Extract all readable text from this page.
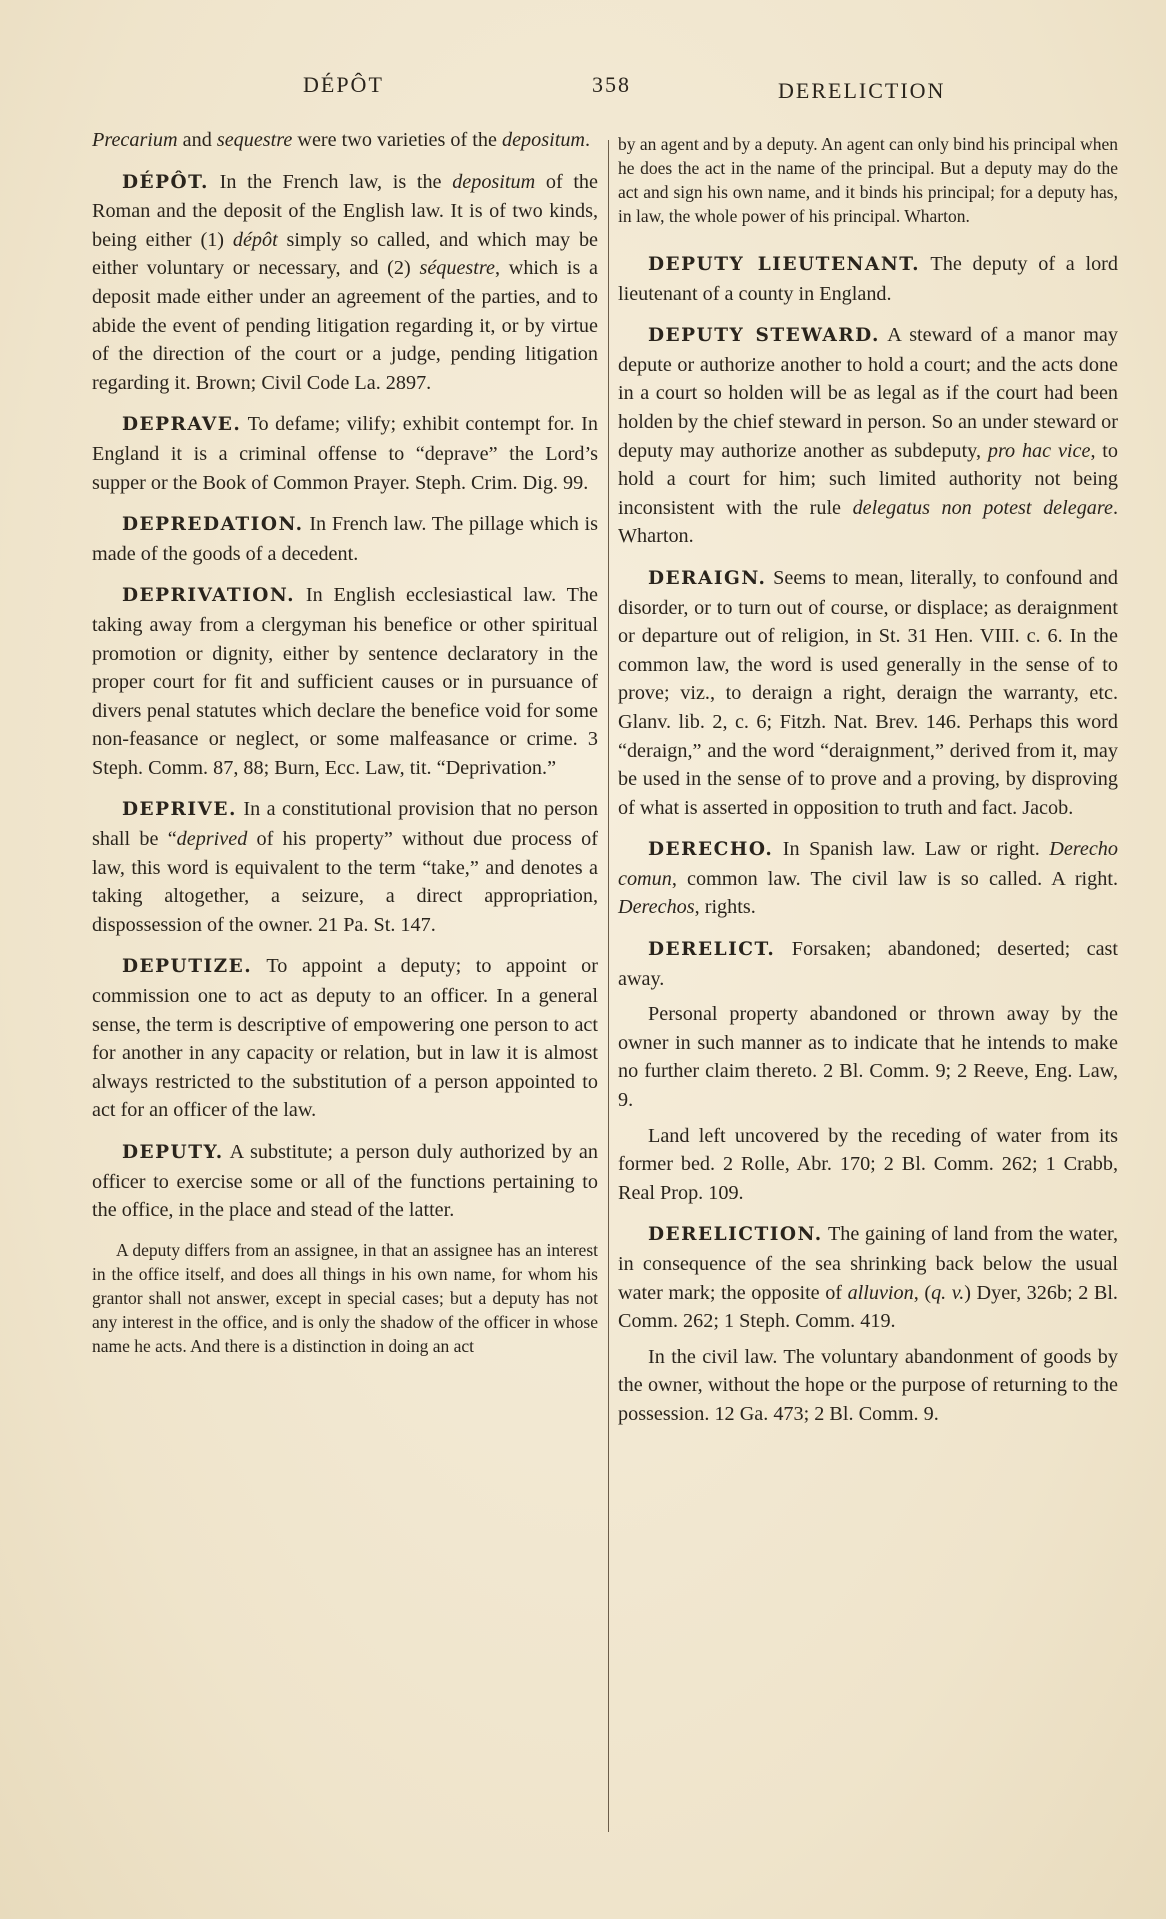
DÉPÔT	358	DERELICTION

Precarium and sequestre were two varieties of the depositum.

DÉPÔT. In the French law, is the depositum of the Roman and the deposit of the English law. It is of two kinds, being either (1) dépôt simply so called, and which may be either voluntary or necessary, and (2) séquestre, which is a deposit made either under an agreement of the parties, and to abide the event of pending litigation regarding it, or by virtue of the direction of the court or a judge, pending litigation regarding it. Brown; Civil Code La. 2897.

DEPRAVE. To defame; vilify; exhibit contempt for. In England it is a criminal offense to “deprave” the Lord’s supper or the Book of Common Prayer. Steph. Crim. Dig. 99.

DEPREDATION. In French law. The pillage which is made of the goods of a decedent.

DEPRIVATION. In English ecclesiastical law. The taking away from a clergyman his benefice or other spiritual promotion or dignity, either by sentence declaratory in the proper court for fit and sufficient causes or in pursuance of divers penal statutes which declare the benefice void for some non-feasance or neglect, or some malfeasance or crime. 3 Steph. Comm. 87, 88; Burn, Ecc. Law, tit. “Deprivation.”

DEPRIVE. In a constitutional provision that no person shall be “deprived of his property” without due process of law, this word is equivalent to the term “take,” and denotes a taking altogether, a seizure, a direct appropriation, dispossession of the owner. 21 Pa. St. 147.

DEPUTIZE. To appoint a deputy; to appoint or commission one to act as deputy to an officer. In a general sense, the term is descriptive of empowering one person to act for another in any capacity or relation, but in law it is almost always restricted to the substitution of a person appointed to act for an officer of the law.

DEPUTY. A substitute; a person duly authorized by an officer to exercise some or all of the functions pertaining to the office, in the place and stead of the latter.

A deputy differs from an assignee, in that an assignee has an interest in the office itself, and does all things in his own name, for whom his grantor shall not answer, except in special cases; but a deputy has not any interest in the office, and is only the shadow of the officer in whose name he acts. And there is a distinction in doing an act

by an agent and by a deputy. An agent can only bind his principal when he does the act in the name of the principal. But a deputy may do the act and sign his own name, and it binds his principal; for a deputy has, in law, the whole power of his principal. Wharton.

DEPUTY LIEUTENANT. The deputy of a lord lieutenant of a county in England.

DEPUTY STEWARD. A steward of a manor may depute or authorize another to hold a court; and the acts done in a court so holden will be as legal as if the court had been holden by the chief steward in person. So an under steward or deputy may authorize another as subdeputy, pro hac vice, to hold a court for him; such limited authority not being inconsistent with the rule delegatus non potest delegare. Wharton.

DERAIGN. Seems to mean, literally, to confound and disorder, or to turn out of course, or displace; as deraignment or departure out of religion, in St. 31 Hen. VIII. c. 6. In the common law, the word is used generally in the sense of to prove; viz., to deraign a right, deraign the warranty, etc. Glanv. lib. 2, c. 6; Fitzh. Nat. Brev. 146. Perhaps this word “deraign,” and the word “deraignment,” derived from it, may be used in the sense of to prove and a proving, by disproving of what is asserted in opposition to truth and fact. Jacob.

DERECHO. In Spanish law. Law or right. Derecho comun, common law. The civil law is so called. A right. Derechos, rights.

DERELICT. Forsaken; abandoned; deserted; cast away.

Personal property abandoned or thrown away by the owner in such manner as to indicate that he intends to make no further claim thereto. 2 Bl. Comm. 9; 2 Reeve, Eng. Law, 9.

Land left uncovered by the receding of water from its former bed. 2 Rolle, Abr. 170; 2 Bl. Comm. 262; 1 Crabb, Real Prop. 109.

DERELICTION. The gaining of land from the water, in consequence of the sea shrinking back below the usual water mark; the opposite of alluvion, (q. v.) Dyer, 326b; 2 Bl. Comm. 262; 1 Steph. Comm. 419.

In the civil law. The voluntary abandonment of goods by the owner, without the hope or the purpose of returning to the possession. 12 Ga. 473; 2 Bl. Comm. 9.
